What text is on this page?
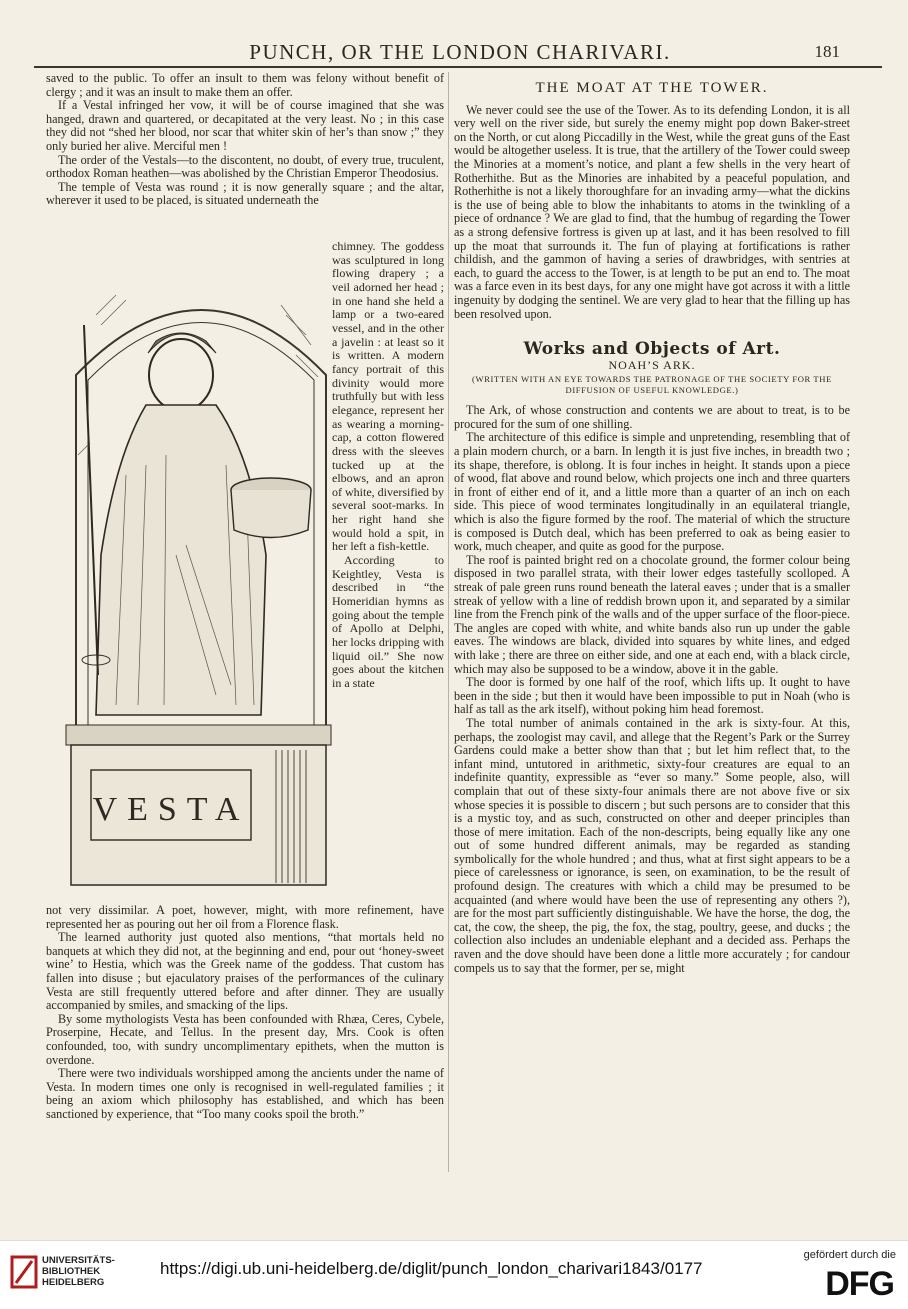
PUNCH, OR THE LONDON CHARIVARI.	181

saved to the public. To offer an insult to them was felony without benefit of clergy ; and it was an insult to make them an offer.

If a Vestal infringed her vow, it will be of course imagined that she was hanged, drawn and quartered, or decapitated at the very least. No ; in this case they did not “shed her blood, nor scar that whiter skin of her’s than snow ;” they only buried her alive. Merciful men !

The order of the Vestals—to the discontent, no doubt, of every true, truculent, orthodox Roman heathen—was abolished by the Christian Emperor Theodosius.

The temple of Vesta was round ; it is now generally square ; and the altar, wherever it used to be placed, is situated underneath the

chimney. The goddess was sculptured in long flowing drapery ; a veil adorned her head ; in one hand she held a lamp or a two-eared vessel, and in the other a javelin : at least so it is written. A modern fancy portrait of this divinity would more truthfully but with less elegance, represent her as wearing a morning-cap, a cotton flowered dress with the sleeves tucked up at the elbows, and an apron of white, diversified by several soot-marks. In her right hand she would hold a spit, in her left a fish-kettle.

According to Keightley, Vesta is described in “the Homeridian hymns as going about the temple of Apollo at Delphi, her locks dripping with liquid oil.” She now goes about the kitchen in a state

VESTA

not very dissimilar. A poet, however, might, with more refinement, have represented her as pouring out her oil from a Florence flask.

The learned authority just quoted also mentions, “that mortals held no banquets at which they did not, at the beginning and end, pour out ‘honey-sweet wine’ to Hestia, which was the Greek name of the goddess. That custom has fallen into disuse ; but ejaculatory praises of the performances of the culinary Vesta are still frequently uttered before and after dinner. They are usually accompanied by smiles, and smacking of the lips.

By some mythologists Vesta has been confounded with Rhæa, Ceres, Cybele, Proserpine, Hecate, and Tellus. In the present day, Mrs. Cook is often confounded, too, with sundry uncomplimentary epithets, when the mutton is overdone.

There were two individuals worshipped among the ancients under the name of Vesta. In modern times one only is recognised in well-regulated families ; it being an axiom which philosophy has established, and which has been sanctioned by experience, that “Too many cooks spoil the broth.”

THE MOAT AT THE TOWER.

We never could see the use of the Tower. As to its defending London, it is all very well on the river side, but surely the enemy might pop down Baker-street on the North, or cut along Piccadilly in the West, while the great guns of the East would be altogether useless. It is true, that the artillery of the Tower could sweep the Minories at a moment’s notice, and plant a few shells in the very heart of Rotherhithe. But as the Minories are inhabited by a peaceful population, and Rotherhithe is not a likely thoroughfare for an invading army—what the dickins is the use of being able to blow the inhabitants to atoms in the twinkling of a piece of ordnance ? We are glad to find, that the humbug of regarding the Tower as a strong defensive fortress is given up at last, and it has been resolved to fill up the moat that surrounds it. The fun of playing at fortifications is rather childish, and the gammon of having a series of drawbridges, with sentries at each, to guard the access to the Tower, is at length to be put an end to. The moat was a farce even in its best days, for any one might have got across it with a little ingenuity by dodging the sentinel. We are very glad to hear that the filling up has been resolved upon.

Works and Objects of Art.
NOAH’S ARK.
(WRITTEN WITH AN EYE TOWARDS THE PATRONAGE OF THE SOCIETY FOR THE DIFFUSION OF USEFUL KNOWLEDGE.)

The Ark, of whose construction and contents we are about to treat, is to be procured for the sum of one shilling.

The architecture of this edifice is simple and unpretending, resembling that of a plain modern church, or a barn. In length it is just five inches, in breadth two ; its shape, therefore, is oblong. It is four inches in height. It stands upon a piece of wood, flat above and round below, which projects one inch and three quarters in front of either end of it, and a little more than a quarter of an inch on each side. This piece of wood terminates longitudinally in an equilateral triangle, which is also the figure formed by the roof. The material of which the structure is composed is Dutch deal, which has been preferred to oak as being easier to work, much cheaper, and quite as good for the purpose.

The roof is painted bright red on a chocolate ground, the former colour being disposed in two parallel strata, with their lower edges tastefully scolloped. A streak of pale green runs round beneath the lateral eaves ; under that is a smaller streak of yellow with a line of reddish brown upon it, and separated by a similar line from the French pink of the walls and of the upper surface of the floor-piece. The angles are coped with white, and white bands also run up under the gable eaves. The windows are black, divided into squares by white lines, and edged with lake ; there are three on either side, and one at each end, with a black circle, which may also be supposed to be a window, above it in the gable.

The door is formed by one half of the roof, which lifts up. It ought to have been in the side ; but then it would have been impossible to put in Noah (who is half as tall as the ark itself), without poking him head foremost.

The total number of animals contained in the ark is sixty-four. At this, perhaps, the zoologist may cavil, and allege that the Regent’s Park or the Surrey Gardens could make a better show than that ; but let him reflect that, to the infant mind, untutored in arithmetic, sixty-four creatures are equal to an indefinite quantity, expressible as “ever so many.” Some people, also, will complain that out of these sixty-four animals there are not above five or six whose species it is possible to discern ; but such persons are to consider that this is a mystic toy, and as such, constructed on other and deeper principles than those of mere imitation. Each of the non-descripts, being equally like any one out of some hundred different animals, may be regarded as standing symbolically for the whole hundred ; and thus, what at first sight appears to be a piece of carelessness or ignorance, is seen, on examination, to be the result of profound design. The creatures with which a child may be presumed to be acquainted (and where would have been the use of representing any others ?), are for the most part sufficiently distinguishable. We have the horse, the dog, the cat, the cow, the sheep, the pig, the fox, the stag, poultry, geese, and ducks ; the collection also includes an undeniable elephant and a decided ass. Perhaps the raven and the dove should have been done a little more accurately ; for candour compels us to say that the former, per se, might

UNIVERSITÄTS-
BIBLIOTHEK
HEIDELBERG
https://digi.ub.uni-heidelberg.de/diglit/punch_london_charivari1843/0177
gefördert durch die
DFG
